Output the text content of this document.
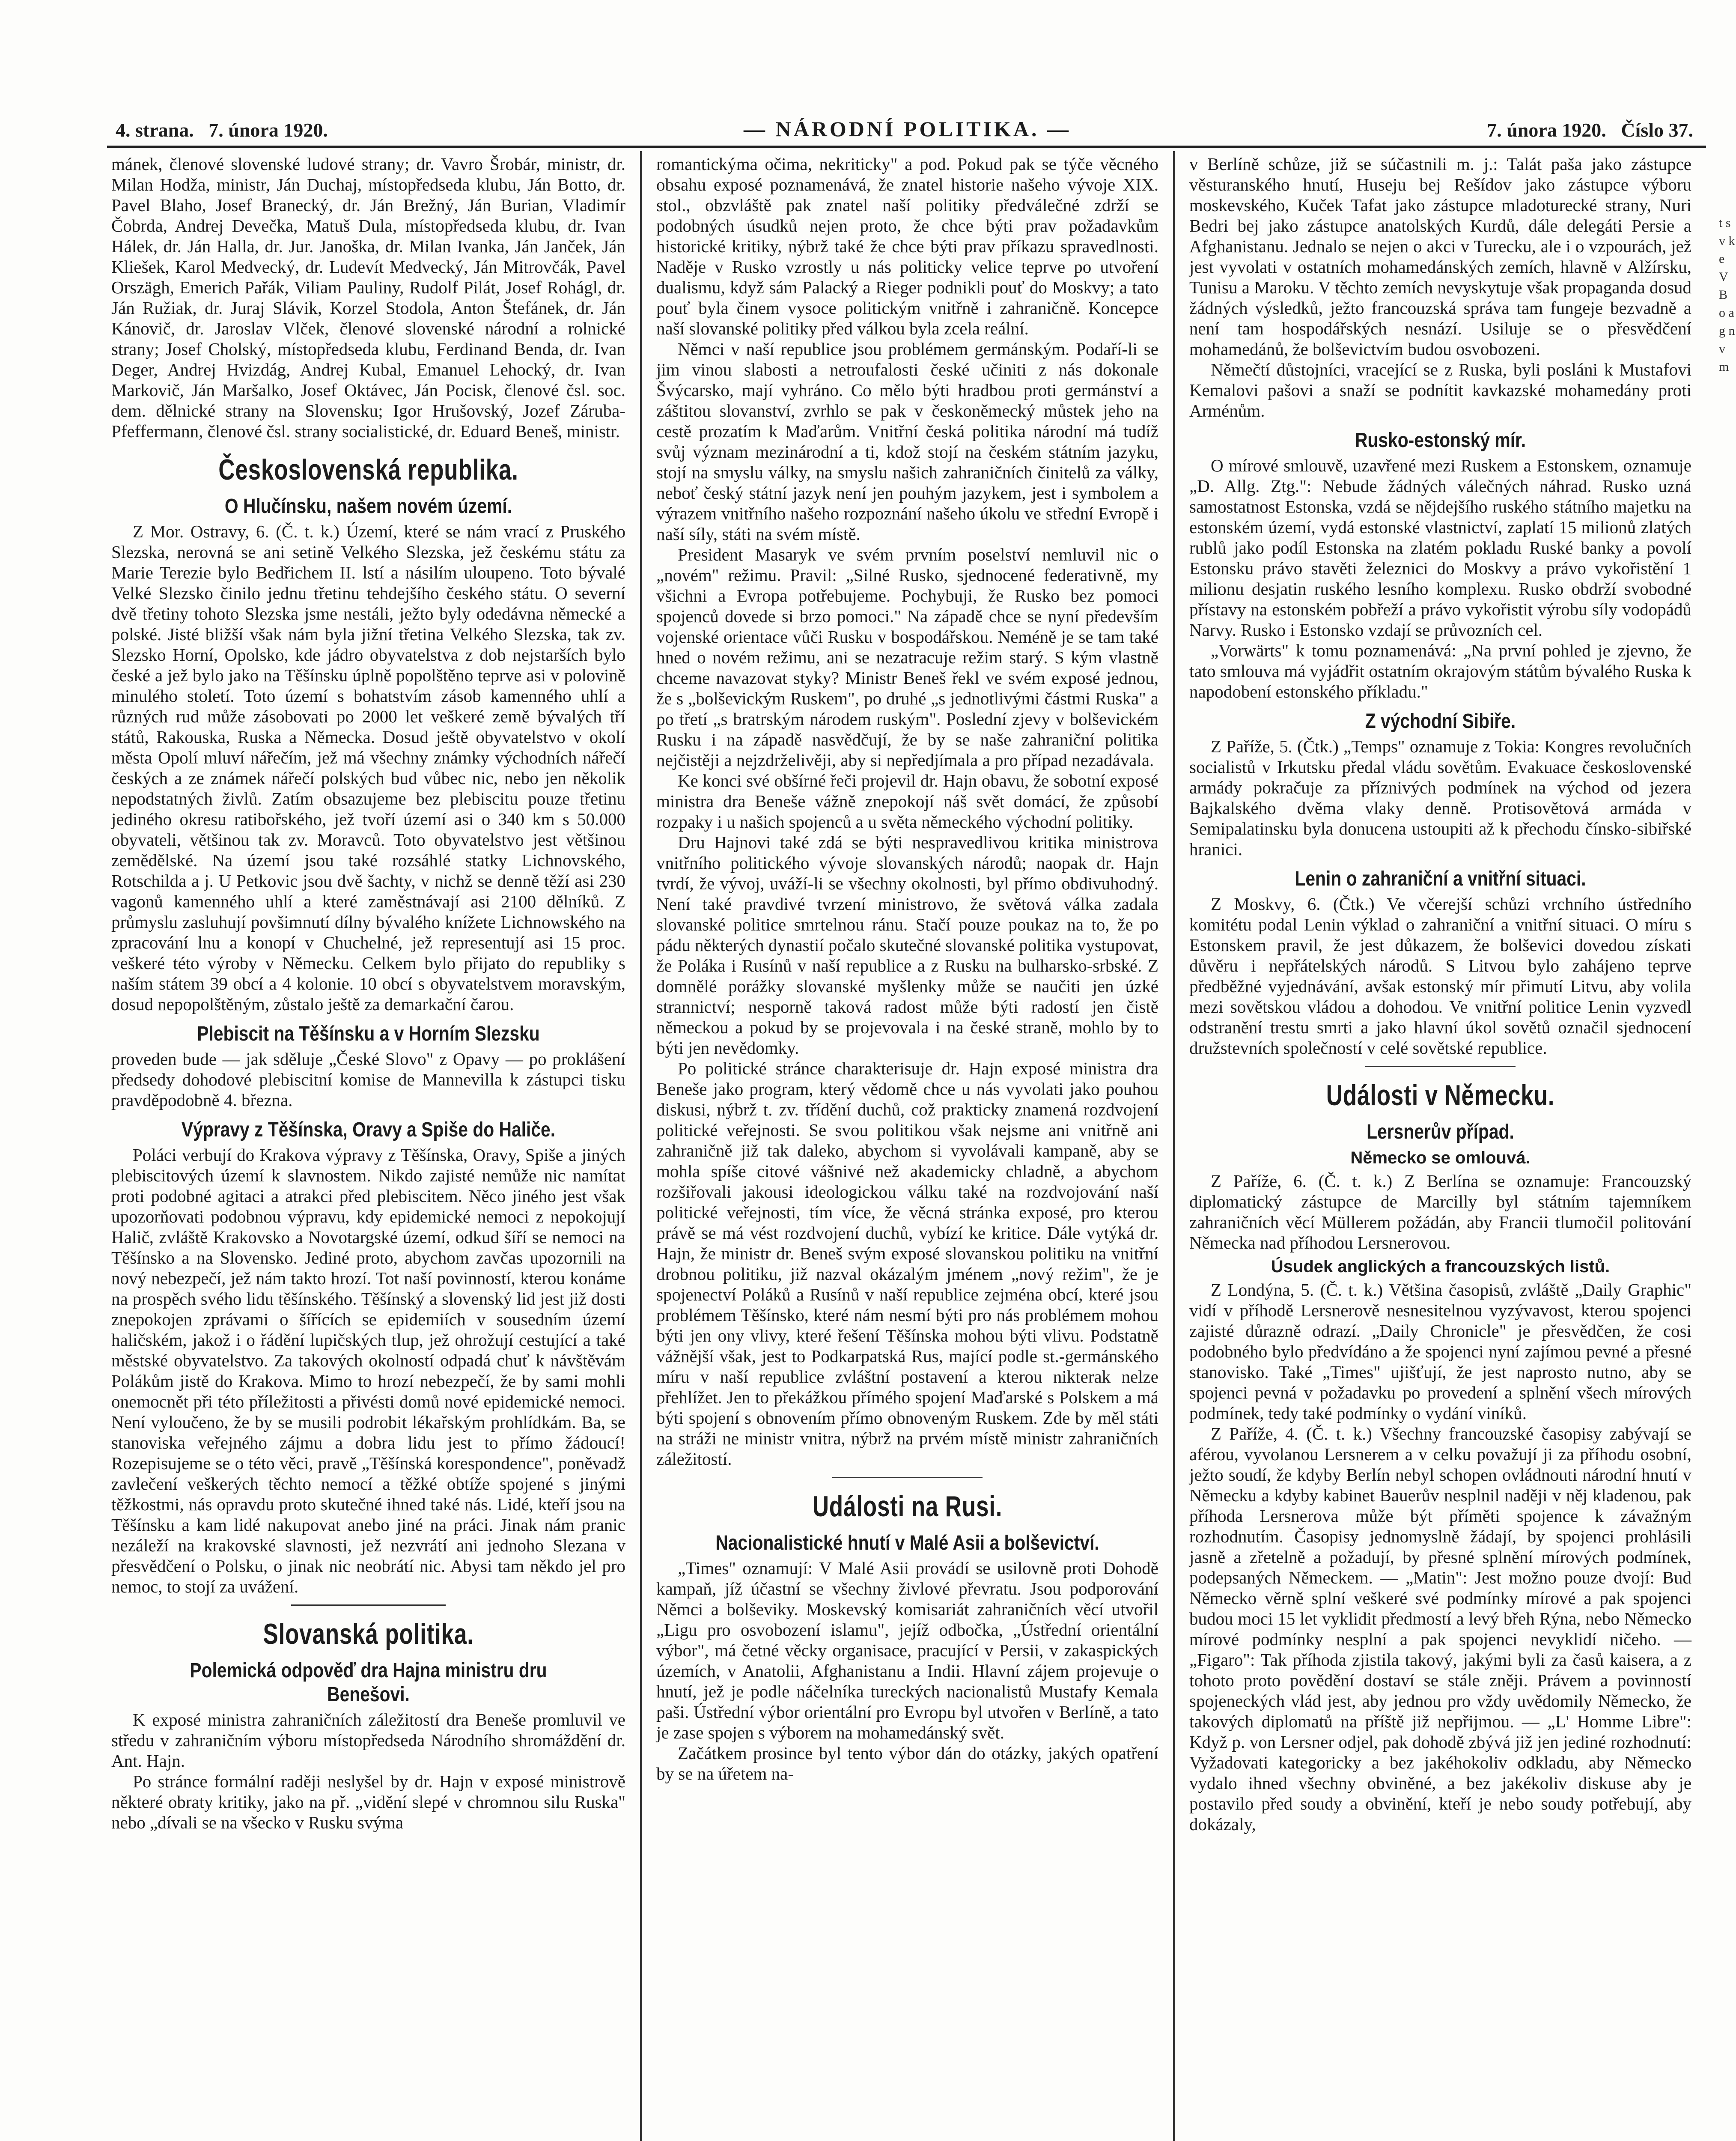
4. strana. 7. února 1920.	— NÁRODNÍ POLITIKA. —	7. února 1920. Číslo 37.

mánek, členové slovenské ludové strany; dr. Vavro Šrobár, ministr, dr. Milan Hodža, ministr, Ján Duchaj, místopředseda klubu, Ján Botto, dr. Pavel Blaho, Josef Branecký, dr. Ján Brežný, Ján Burian, Vladimír Čobrda, Andrej Devečka, Matuš Dula, místopředseda klubu, dr. Ivan Hálek, dr. Ján Halla, dr. Jur. Janoška, dr. Milan Ivanka, Ján Janček, Ján Kliešek, Karol Medvecký, dr. Ludevít Medvecký, Ján Mitrovčák, Pavel Orszägh, Emerich Pařák, Viliam Pauliny, Rudolf Pilát, Josef Rohágl, dr. Ján Ružiak, dr. Juraj Slávik, Korzel Stodola, Anton Štefánek, dr. Ján Kánovič, dr. Jaroslav Vlček, členové slovenské národní a rolnické strany; Josef Cholský, místopředseda klubu, Ferdinand Benda, dr. Ivan Deger, Andrej Hvizdág, Andrej Kubal, Emanuel Lehocký, dr. Ivan Markovič, Ján Maršalko, Josef Oktávec, Ján Pocisk, členové čsl. soc. dem. dělnické strany na Slovensku; Igor Hrušovský, Jozef Záruba-Pfeffermann, členové čsl. strany socialistické, dr. Eduard Beneš, ministr.

Československá republika.
O Hlučínsku, našem novém území.

Z Mor. Ostravy, 6. (Č. t. k.) Území, které se nám vrací z Pruského Slezska, nerovná se ani setině Velkého Slezska, jež českému státu za Marie Terezie bylo Bedřichem II. lstí a násilím uloupeno. Toto bývalé Velké Slezsko činilo jednu třetinu tehdejšího českého státu. O severní dvě třetiny tohoto Slezska jsme nestáli, ježto byly odedávna německé a polské. Jisté bližší však nám byla jižní třetina Velkého Slezska, tak zv. Slezsko Horní, Opolsko, kde jádro obyvatelstva z dob nejstarších bylo české a jež bylo jako na Těšínsku úplně popolštěno teprve asi v polovině minulého století. Toto území s bohatstvím zásob kamenného uhlí a různých rud může zásobovati po 2000 let veškeré země bývalých tří států, Rakouska, Ruska a Německa. Dosud ještě obyvatelstvo v okolí města Opolí mluví nářečím, jež má všechny známky východních nářečí českých a ze známek nářečí polských bud vůbec nic, nebo jen několik nepodstatných živlů. Zatím obsazujeme bez plebiscitu pouze třetinu jediného okresu ratibořského, jež tvoří území asi o 340 km s 50.000 obyvateli, většinou tak zv. Moravců. Toto obyvatelstvo jest většinou zemědělské. Na území jsou také rozsáhlé statky Lichnovského, Rotschilda a j. U Petkovic jsou dvě šachty, v nichž se denně těží asi 230 vagonů kamenného uhlí a které zaměstnávají asi 2100 dělníků. Z průmyslu zasluhují povšimnutí dílny bývalého knížete Lichnowského na zpracování lnu a konopí v Chuchelné, jež representují asi 15 proc. veškeré této výroby v Německu. Celkem bylo přijato do republiky s naším státem 39 obcí a 4 kolonie. 10 obcí s obyvatelstvem moravským, dosud nepopolštěným, zůstalo ještě za demarkační čarou.

Plebiscit na Těšínsku a v Horním Slezsku

proveden bude — jak sděluje „České Slovo" z Opavy — po proklášení předsedy dohodové plebiscitní komise de Mannevilla k zástupci tisku pravděpodobně 4. března.

Výpravy z Těšínska, Oravy a Spiše do Haliče.

Poláci verbují do Krakova výpravy z Těšínska, Oravy, Spiše a jiných plebiscitových území k slavnostem. Nikdo zajisté nemůže nic namítat proti podobné agitaci a atrakci před plebiscitem. Něco jiného jest však upozorňovati podobnou výpravu, kdy epidemické nemoci z nepokojují Halič, zvláště Krakovsko a Novotargské území, odkud šíří se nemoci na Těšínsko a na Slovensko. Jediné proto, abychom zavčas upozornili na nový nebezpečí, jež nám takto hrozí. Tot naší povinností, kterou konáme na prospěch svého lidu těšínského. Těšínský a slovenský lid jest již dosti znepokojen zprávami o šířících se epidemiích v sousedním území haličském, jakož i o řádění lupičských tlup, jež ohrožují cestující a také městské obyvatelstvo. Za takových okolností odpadá chuť k návštěvám Polákům jistě do Krakova. Mimo to hrozí nebezpečí, že by sami mohli onemocnět při této příležitosti a přivésti domů nové epidemické nemoci. Není vyloučeno, že by se musili podrobit lékařským prohlídkám. Ba, se stanoviska veřejného zájmu a dobra lidu jest to přímo žádoucí! Rozepisujeme se o této věci, pravě „Těšínská korespondence", poněvadž zavlečení veškerých těchto nemocí a těžké obtíže spojené s jinými těžkostmi, nás opravdu proto skutečné ihned také nás. Lidé, kteří jsou na Těšínsku a kam lidé nakupovat anebo jiné na práci. Jinak nám pranic nezáleží na krakovské slavnosti, jež nezvrátí ani jednoho Slezana v přesvědčení o Polsku, o jinak nic neobrátí nic. Abysi tam někdo jel pro nemoc, to stojí za uvážení.

Slovanská politika.
Polemická odpověď dra Hajna ministru dru Benešovi.

K exposé ministra zahraničních záležitostí dra Beneše promluvil ve středu v zahraničním výboru místopředseda Národního shromáždění dr. Ant. Hajn.

Po stránce formální raději neslyšel by dr. Hajn v exposé ministrově některé obraty kritiky, jako na př. „vidění slepé v chromnou silu Ruska" nebo „dívali se na všecko v Rusku svýma

romantickýma očima, nekriticky" a pod. Pokud pak se týče věcného obsahu exposé poznamenává, že znatel historie našeho vývoje XIX. stol., obzvláště pak znatel naší politiky předválečné zdrží se podobných úsudků nejen proto, že chce býti prav požadavkům historické kritiky, nýbrž také že chce býti prav příkazu spravedlnosti. Naděje v Rusko vzrostly u nás politicky velice teprve po utvoření dualismu, když sám Palacký a Rieger podnikli pouť do Moskvy; a tato pouť byla činem vysoce politickým vnitřně i zahraničně. Koncepce naší slovanské politiky před válkou byla zcela reální.

Němci v naší republice jsou problémem germánským. Podaří-li se jim vinou slabosti a netroufalosti české učiniti z nás dokonale Švýcarsko, mají vyhráno. Co mělo býti hradbou proti germánství a záštitou slovanství, zvrhlo se pak v českoněmecký můstek jeho na cestě prozatím k Maďarům. Vnitřní česká politika národní má tudíž svůj význam mezinárodní a ti, kdož stojí na českém státním jazyku, stojí na smyslu války, na smyslu našich zahraničních činitelů za války, neboť český státní jazyk není jen pouhým jazykem, jest i symbolem a výrazem vnitřního našeho rozpoznání našeho úkolu ve střední Evropě i naší síly, státi na svém místě.

President Masaryk ve svém prvním poselství nemluvil nic o „novém" režimu. Pravil: „Silné Rusko, sjednocené federativně, my všichni a Evropa potřebujeme. Pochybuji, že Rusko bez pomoci spojenců dovede si brzo pomoci." Na západě chce se nyní především vojenské orientace vůči Rusku v bospodářskou. Neméně je se tam také hned o novém režimu, ani se nezatracuje režim starý. S kým vlastně chceme navazovat styky? Ministr Beneš řekl ve svém exposé jednou, že s „bolševickým Ruskem", po druhé „s jednotlivými částmi Ruska" a po třetí „s bratrským národem ruským". Poslední zjevy v bolševickém Rusku i na západě nasvědčují, že by se naše zahraniční politika nejčistěji a nejzdrželivěji, aby si nepředjímala a pro případ nezadávala.

Ke konci své obšírné řeči projevil dr. Hajn obavu, že sobotní exposé ministra dra Beneše vážně znepokojí náš svět domácí, že způsobí rozpaky i u našich spojenců a u světa německého východní politiky.

Dru Hajnovi také zdá se býti nespravedlivou kritika ministrova vnitřního politického vývoje slovanských národů; naopak dr. Hajn tvrdí, že vývoj, uváží-li se všechny okolnosti, byl přímo obdivuhodný. Není také pravdivé tvrzení ministrovo, že světová válka zadala slovanské politice smrtelnou ránu. Stačí pouze poukaz na to, že po pádu některých dynastií počalo skutečné slovanské politika vystupovat, že Poláka i Rusínů v naší republice a z Rusku na bulharsko-srbské. Z domnělé porážky slovanské myšlenky může se naučiti jen úzké strannictví; nesporně taková radost může býti radostí jen čistě německou a pokud by se projevovala i na české straně, mohlo by to býti jen nevědomky.

Po politické stránce charakterisuje dr. Hajn exposé ministra dra Beneše jako program, který vědomě chce u nás vyvolati jako pouhou diskusi, nýbrž t. zv. třídění duchů, což prakticky znamená rozdvojení politické veřejnosti. Se svou politikou však nejsme ani vnitřně ani zahraničně již tak daleko, abychom si vyvolávali kampaně, aby se mohla spíše citové vášnivé než akademicky chladně, a abychom rozšiřovali jakousi ideologickou válku také na rozdvojování naší politické veřejnosti, tím více, že věcná stránka exposé, pro kterou právě se má vést rozdvojení duchů, vybízí ke kritice. Dále vytýká dr. Hajn, že ministr dr. Beneš svým exposé slovanskou politiku na vnitřní drobnou politiku, již nazval okázalým jménem „nový režim", že je spojenectví Poláků a Rusínů v naší republice zejména obcí, které jsou problémem Těšínsko, které nám nesmí býti pro nás problémem mohou býti jen ony vlivy, které řešení Těšínska mohou býti vlivu. Podstatně vážnější však, jest to Podkarpatská Rus, mající podle st.-germánského míru v naší republice zvláštní postavení a kterou nikterak nelze přehlížet. Jen to překážkou přímého spojení Maďarské s Polskem a má býti spojení s obnovením přímo obnoveným Ruskem. Zde by měl státi na stráži ne ministr vnitra, nýbrž na prvém místě ministr zahraničních záležitostí.

Události na Rusi.
Nacionalistické hnutí v Malé Asii a bolševictví.

„Times" oznamují: V Malé Asii provádí se usilovně proti Dohodě kampaň, jíž účastní se všechny živlové převratu. Jsou podporování Němci a bolševiky. Moskevský komisariát zahraničních věcí utvořil „Ligu pro osvobození islamu", jejíž odbočka, „Ústřední orientální výbor", má četné věcky organisace, pracující v Persii, v zakaspických územích, v Anatolii, Afghanistanu a Indii. Hlavní zájem projevuje o hnutí, jež je podle náčelníka tureckých nacionalistů Mustafy Kemala paši. Ústřední výbor orientální pro Evropu byl utvořen v Berlíně, a tato je zase spojen s výborem na mohamedánský svět.

Začátkem prosince byl tento výbor dán do otázky, jakých opatření by se na úřetem na-

v Berlíně schůze, již se súčastnili m. j.: Talát paša jako zástupce věsturanského hnutí, Huseju bej Rešídov jako zástupce výboru moskevského, Kuček Tafat jako zástupce mladoturecké strany, Nuri Bedri bej jako zástupce anatolských Kurdů, dále delegáti Persie a Afghanistanu. Jednalo se nejen o akci v Turecku, ale i o vzpourách, jež jest vyvolati v ostatních mohamedánských zemích, hlavně v Alžírsku, Tunisu a Maroku. V těchto zemích nevyskytuje však propaganda dosud žádných výsledků, ježto francouzská správa tam fungeje bezvadně a není tam hospodářských nesnází. Usiluje se o přesvědčení mohamedánů, že bolševictvím budou osvobozeni.

Němečtí důstojníci, vracející se z Ruska, byli posláni k Mustafovi Kemalovi pašovi a snaží se podnítit kavkazské mohamedány proti Arménům.

Rusko-estonský mír.

O mírové smlouvě, uzavřené mezi Ruskem a Estonskem, oznamuje „D. Allg. Ztg.": Nebude žádných válečných náhrad. Rusko uzná samostatnost Estonska, vzdá se nějdejšího ruského státního majetku na estonském území, vydá estonské vlastnictví, zaplatí 15 milionů zlatých rublů jako podíl Estonska na zlatém pokladu Ruské banky a povolí Estonsku právo stavěti železnici do Moskvy a právo vykořistění 1 milionu desjatin ruského lesního komplexu. Rusko obdrží svobodné přístavy na estonském pobřeží a právo vykořistit výrobu síly vodopádů Narvy. Rusko i Estonsko vzdají se průvozních cel.

„Vorwärts" k tomu poznamenává: „Na první pohled je zjevno, že tato smlouva má vyjádřit ostatním okrajovým státům bývalého Ruska k napodobení estonského příkladu."

Z východní Sibiře.

Z Paříže, 5. (Čtk.) „Temps" oznamuje z Tokia: Kongres revolučních socialistů v Irkutsku předal vládu sovětům. Evakuace československé armády pokračuje za příznivých podmínek na východ od jezera Bajkalského dvěma vlaky denně. Protisovětová armáda v Semipalatinsku byla donucena ustoupiti až k přechodu čínsko-sibiřské hranici.

Lenin o zahraniční a vnitřní situaci.

Z Moskvy, 6. (Čtk.) Ve včerejší schůzi vrchního ústředního komitétu podal Lenin výklad o zahraniční a vnitřní situaci. O míru s Estonskem pravil, že jest důkazem, že bolševici dovedou získati důvěru i nepřátelských národů. S Litvou bylo zahájeno teprve předběžné vyjednávání, avšak estonský mír přimutí Litvu, aby volila mezi sovětskou vládou a dohodou. Ve vnitřní politice Lenin vyzvedl odstranění trestu smrti a jako hlavní úkol sovětů označil sjednocení družstevních společností v celé sovětské republice.

Události v Německu.
Lersnerův případ.
Německo se omlouvá.

Z Paříže, 6. (Č. t. k.) Z Berlína se oznamuje: Francouzský diplomatický zástupce de Marcilly byl státním tajemníkem zahraničních věcí Müllerem požádán, aby Francii tlumočil politování Německa nad příhodou Lersnerovou.

Úsudek anglických a francouzských listů.

Z Londýna, 5. (Č. t. k.) Většina časopisů, zvláště „Daily Graphic" vidí v příhodě Lersnerově nesnesitelnou vyzývavost, kterou spojenci zajisté důrazně odrazí. „Daily Chronicle" je přesvědčen, že cosi podobného bylo předvídáno a že spojenci nyní zajímou pevné a přesné stanovisko. Také „Times" ujišťují, že jest naprosto nutno, aby se spojenci pevná v požadavku po provedení a splnění všech mírových podmínek, tedy také podmínky o vydání viníků.

Z Paříže, 4. (Č. t. k.) Všechny francouzské časopisy zabývají se aférou, vyvolanou Lersnerem a v celku považují ji za příhodu osobní, ježto soudí, že kdyby Berlín nebyl schopen ovládnouti národní hnutí v Německu a kdyby kabinet Bauerův nesplnil naději v něj kladenou, pak příhoda Lersnerova může být příměti spojence k závažným rozhodnutím. Časopisy jednomyslně žádají, by spojenci prohlásili jasně a zřetelně a požadují, by přesné splnění mírových podmínek, podepsaných Německem. — „Matin": Jest možno pouze dvojí: Bud Německo věrně splní veškeré své podmínky mírové a pak spojenci budou moci 15 let vyklidit předmostí a levý břeh Rýna, nebo Německo mírové podmínky nesplní a pak spojenci nevyklidí ničeho. — „Figaro": Tak příhoda zjistila takový, jakými byli za časů kaisera, a z tohoto proto povědění dostaví se stále zněji. Právem a povinností spojeneckých vlád jest, aby jednou pro vždy uvědomily Německo, že takových diplomatů na příště již nepřijmou. — „L' Homme Libre": Když p. von Lersner odjel, pak dohodě zbývá již jen jediné rozhodnutí: Vyžadovati kategoricky a bez jakéhokoliv odkladu, aby Německo vydalo ihned všechny obviněné, a bez jakékoliv diskuse aby je postavilo před soudy a obvinění, kteří je nebo soudy potřebují, aby dokázaly,

t s v k e V B o a g n v m
